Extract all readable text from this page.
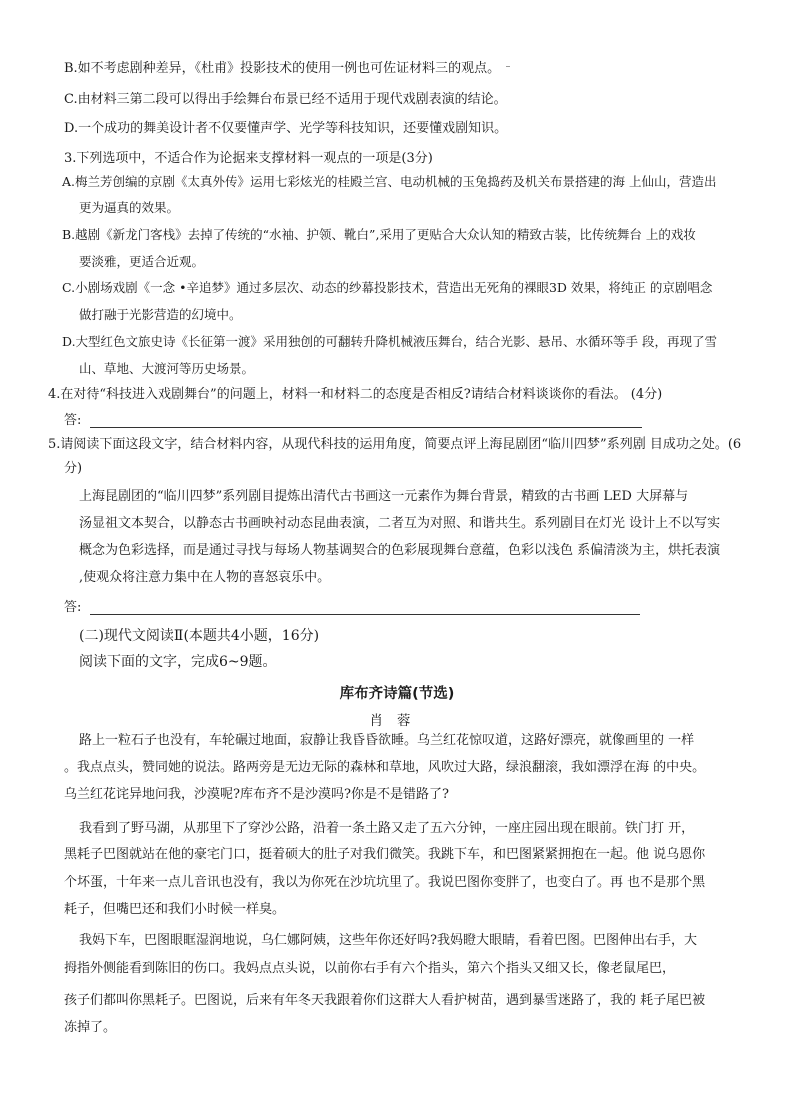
B.如不考虑剧种差异，《杜甫》投影技术的使用一例也可佐证材料三的观点。
C.由材料三第二段可以得出手绘舞台布景已经不适用于现代戏剧表演的结论。
D.一个成功的舞美设计者不仅要懂声学、光学等科技知识，还要懂戏剧知识。
3.下列选项中，不适合作为论据来支撑材料一观点的一项是(3分)
A.梅兰芳创编的京剧《太真外传》运用七彩炫光的桂殿兰宫、电动机械的玉兔捣药及机关布景搭建的海 上仙山，营造出
更为逼真的效果。
B.越剧《新龙门客栈》去掉了传统的“水袖、护领、靴白”,采用了更贴合大众认知的精致古装，比传统舞台 上的戏妆
要淡雅，更适合近观。
C.小剧场戏剧《一念 •辛追梦》通过多层次、动态的纱幕投影技术，营造出无死角的裸眼3D 效果，将纯正 的京剧唱念
做打融于光影营造的幻境中。
D.大型红色文旅史诗《长征第一渡》采用独创的可翻转升降机械液压舞台，结合光影、悬吊、水循环等手 段，再现了雪
山、草地、大渡河等历史场景。
4.在对待“科技进入戏剧舞台”的问题上，材料一和材料二的态度是否相反?请结合材料谈谈你的看法。 (4分)
答:
5.请阅读下面这段文字，结合材料内容，从现代科技的运用角度，简要点评上海昆剧团“临川四梦”系列剧 目成功之处。(6
分)
上海昆剧团的“临川四梦”系列剧目提炼出清代古书画这一元素作为舞台背景，精致的古书画 LED 大屏幕与
汤显祖文本契合，以静态古书画映衬动态昆曲表演，二者互为对照、和谐共生。系列剧目在灯光 设计上不以写实
概念为色彩选择，而是通过寻找与每场人物基调契合的色彩展现舞台意蕴，色彩以浅色 系偏清淡为主，烘托表演
,使观众将注意力集中在人物的喜怒哀乐中。
答:
(二)现代文阅读Ⅱ(本题共4小题，16分)
阅读下面的文字，完成6~9题。
库布齐诗篇(节选)
肖蓉
路上一粒石子也没有，车轮碾过地面，寂静让我昏昏欲睡。乌兰红花惊叹道，这路好漂亮，就像画里的 一样
。我点点头，赞同她的说法。路两旁是无边无际的森林和草地，风吹过大路，绿浪翻滚，我如漂浮在海 的中央。
乌兰红花诧异地问我，沙漠呢?库布齐不是沙漠吗?你是不是错路了?
我看到了野马湖，从那里下了穿沙公路，沿着一条土路又走了五六分钟，一座庄园出现在眼前。铁门打 开，
黑耗子巴图就站在他的豪宅门口，挺着硕大的肚子对我们微笑。我跳下车，和巴图紧紧拥抱在一起。他 说乌恩你
个坏蛋，十年来一点儿音讯也没有，我以为你死在沙坑坑里了。我说巴图你变胖了，也变白了。再 也不是那个黑
耗子，但嘴巴还和我们小时候一样臭。
我妈下车，巴图眼眶湿润地说，乌仁娜阿姨，这些年你还好吗?我妈瞪大眼睛，看着巴图。巴图伸出右手，大
拇指外侧能看到陈旧的伤口。我妈点点头说，以前你右手有六个指头，第六个指头又细又长，像老鼠尾巴，
孩子们都叫你黑耗子。巴图说，后来有年冬天我跟着你们这群大人看护树苗，遇到暴雪迷路了，我的 耗子尾巴被
冻掉了。
